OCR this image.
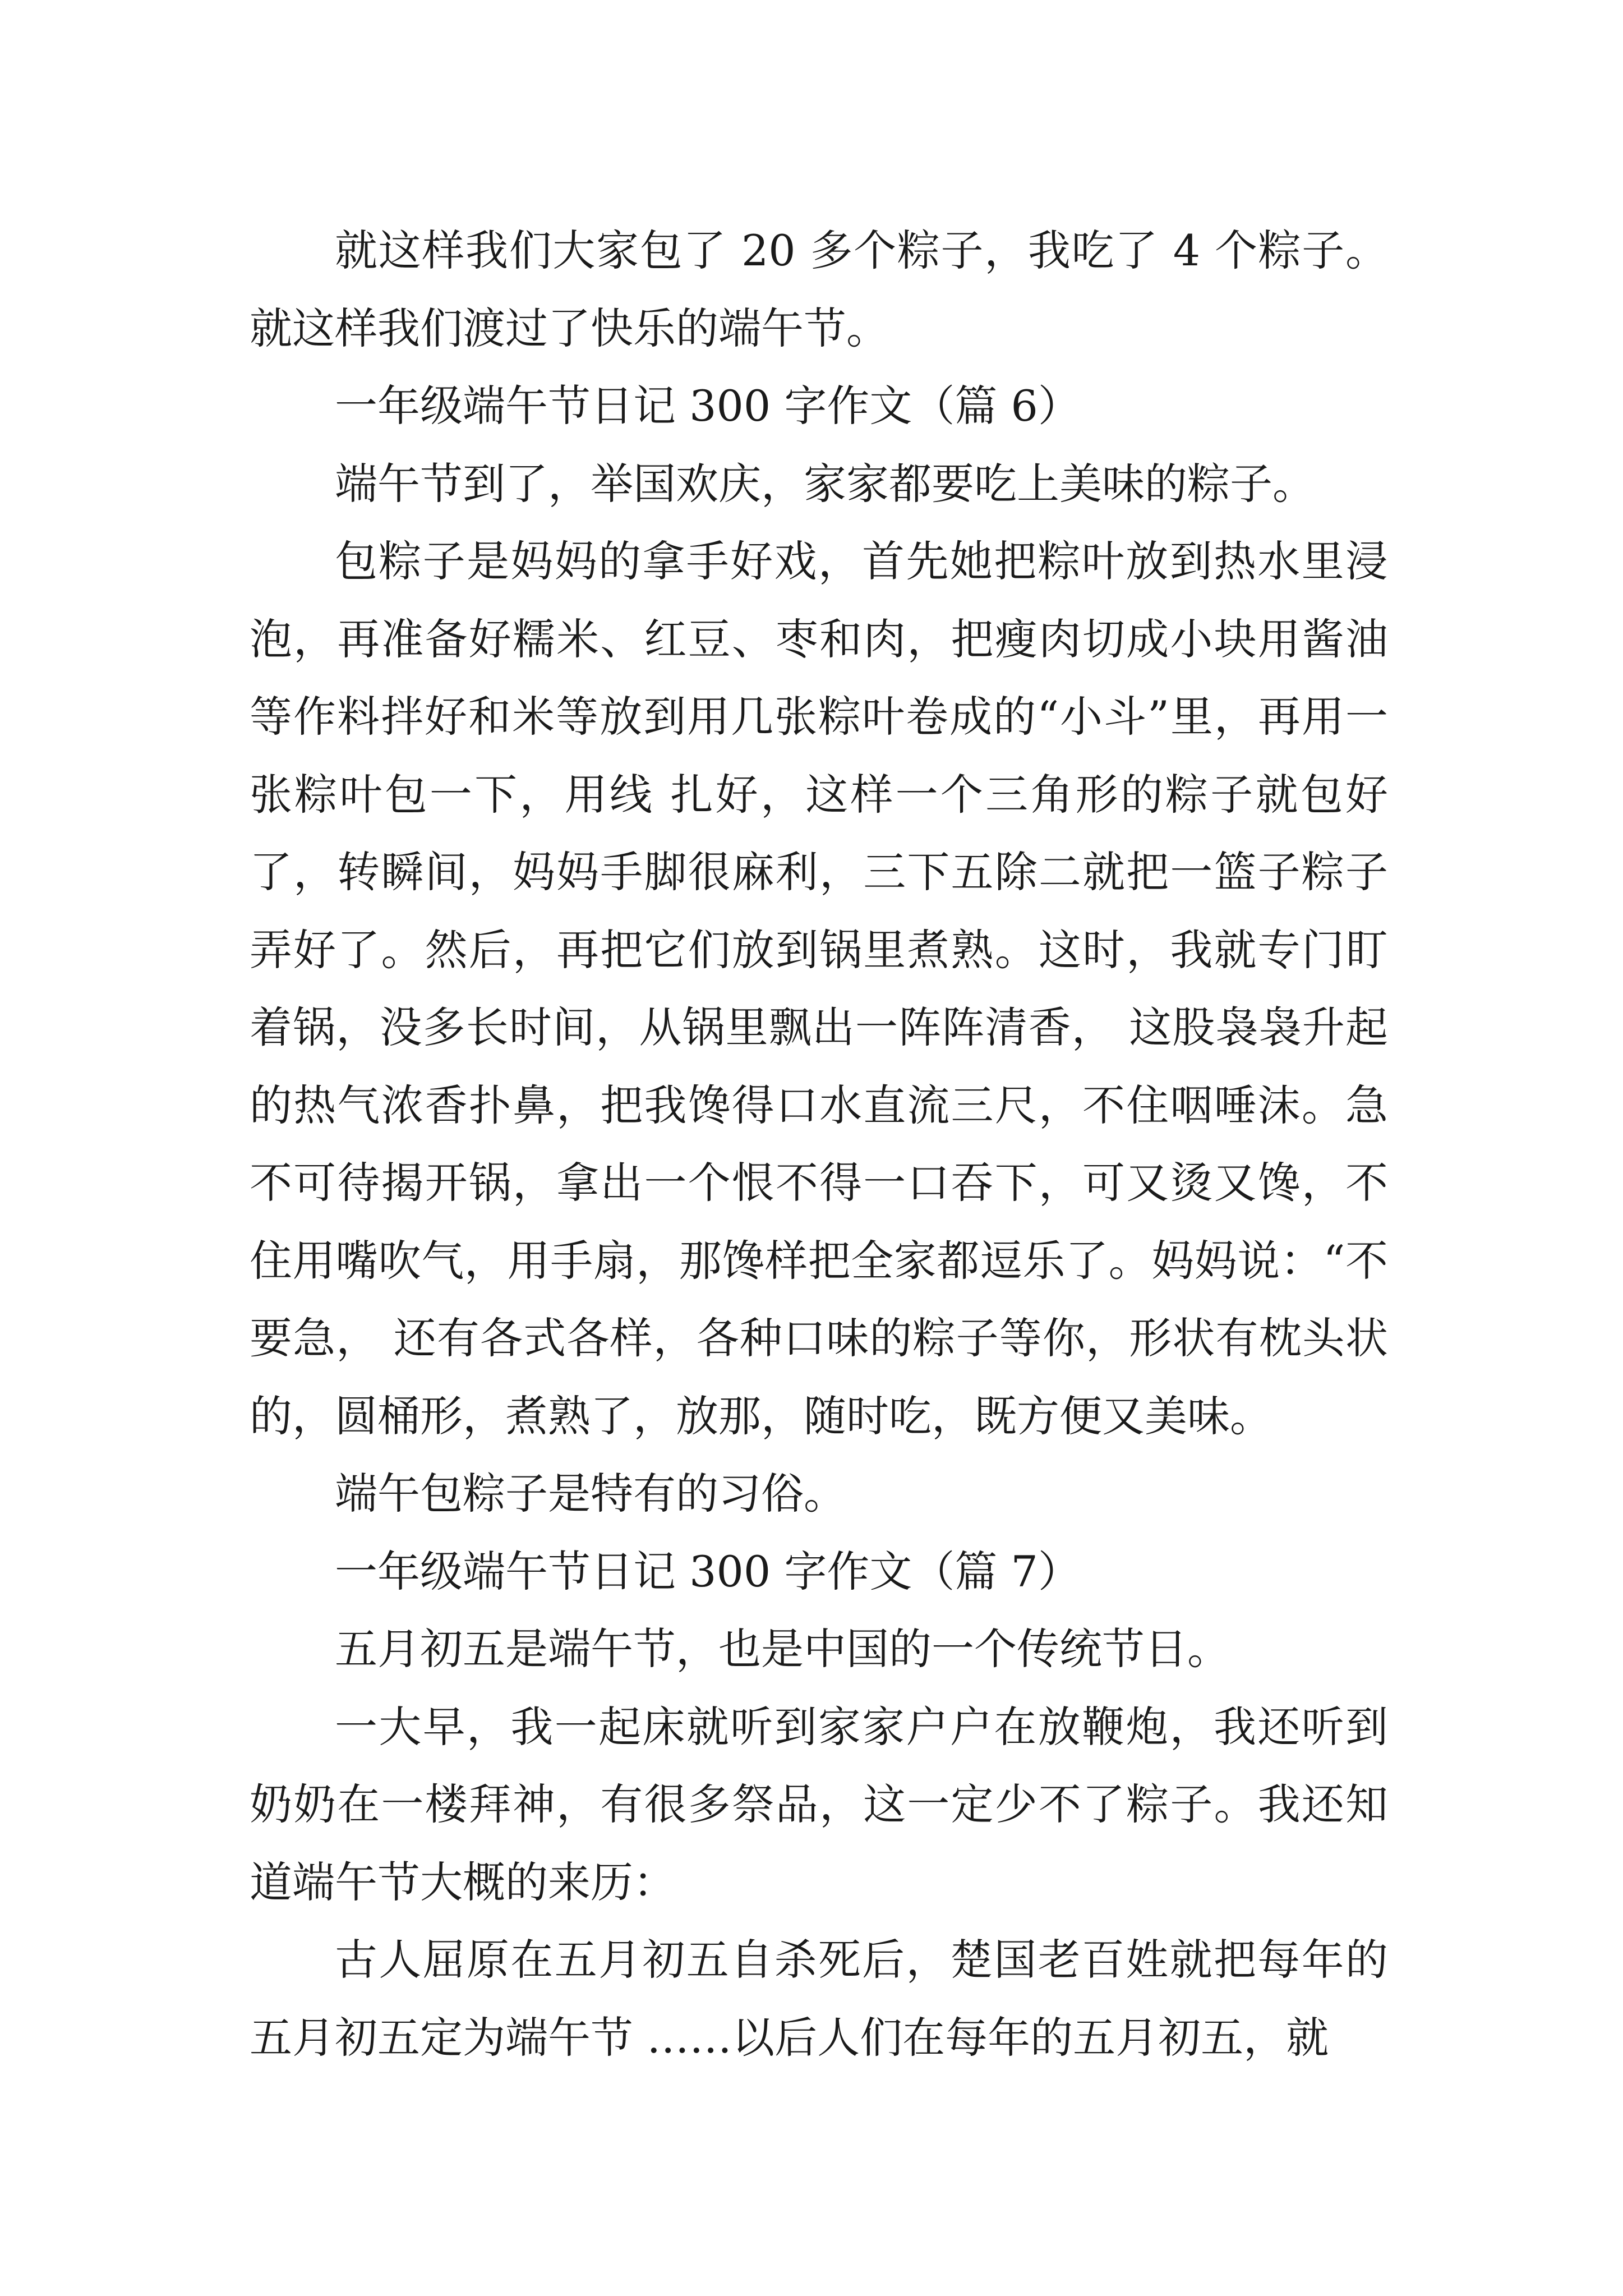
就这样我们大家包了 20 多个粽子，我吃了 4 个粽子。就这样我们渡过了快乐的端午节。

一年级端午节日记 300 字作文（篇 6）

端午节到了，举国欢庆，家家都要吃上美味的粽子。

包粽子是妈妈的拿手好戏，首先她把粽叶放到热水里浸泡，再准备好糯米、红豆、枣和肉，把瘦肉切成小块用酱油等作料拌好和米等放到用几张粽叶卷成的“小斗”里，再用一张粽叶包一下，用线 扎好，这样一个三角形的粽子就包好了，转瞬间，妈妈手脚很麻利，三下五除二就把一篮子粽子弄好了。然后，再把它们放到锅里煮熟。这时，我就专门盯着锅，没多长时间，从锅里飘出一阵阵清香， 这股袅袅升起的热气浓香扑鼻，把我馋得口水直流三尺，不住咽唾沫。急不可待揭开锅，拿出一个恨不得一口吞下，可又烫又馋，不住用嘴吹气，用手扇，那馋样把全家都逗乐了。妈妈说：“不要急， 还有各式各样，各种口味的粽子等你，形状有枕头状的，圆桶形，煮熟了，放那，随时吃，既方便又美味。

端午包粽子是特有的习俗。

一年级端午节日记 300 字作文（篇 7）

五月初五是端午节，也是中国的一个传统节日。

一大早，我一起床就听到家家户户在放鞭炮，我还听到奶奶在一楼拜神，有很多祭品，这一定少不了粽子。我还知道端午节大概的来历：

古人屈原在五月初五自杀死后，楚国老百姓就把每年的五月初五定为端午节 ……以后人们在每年的五月初五，就
